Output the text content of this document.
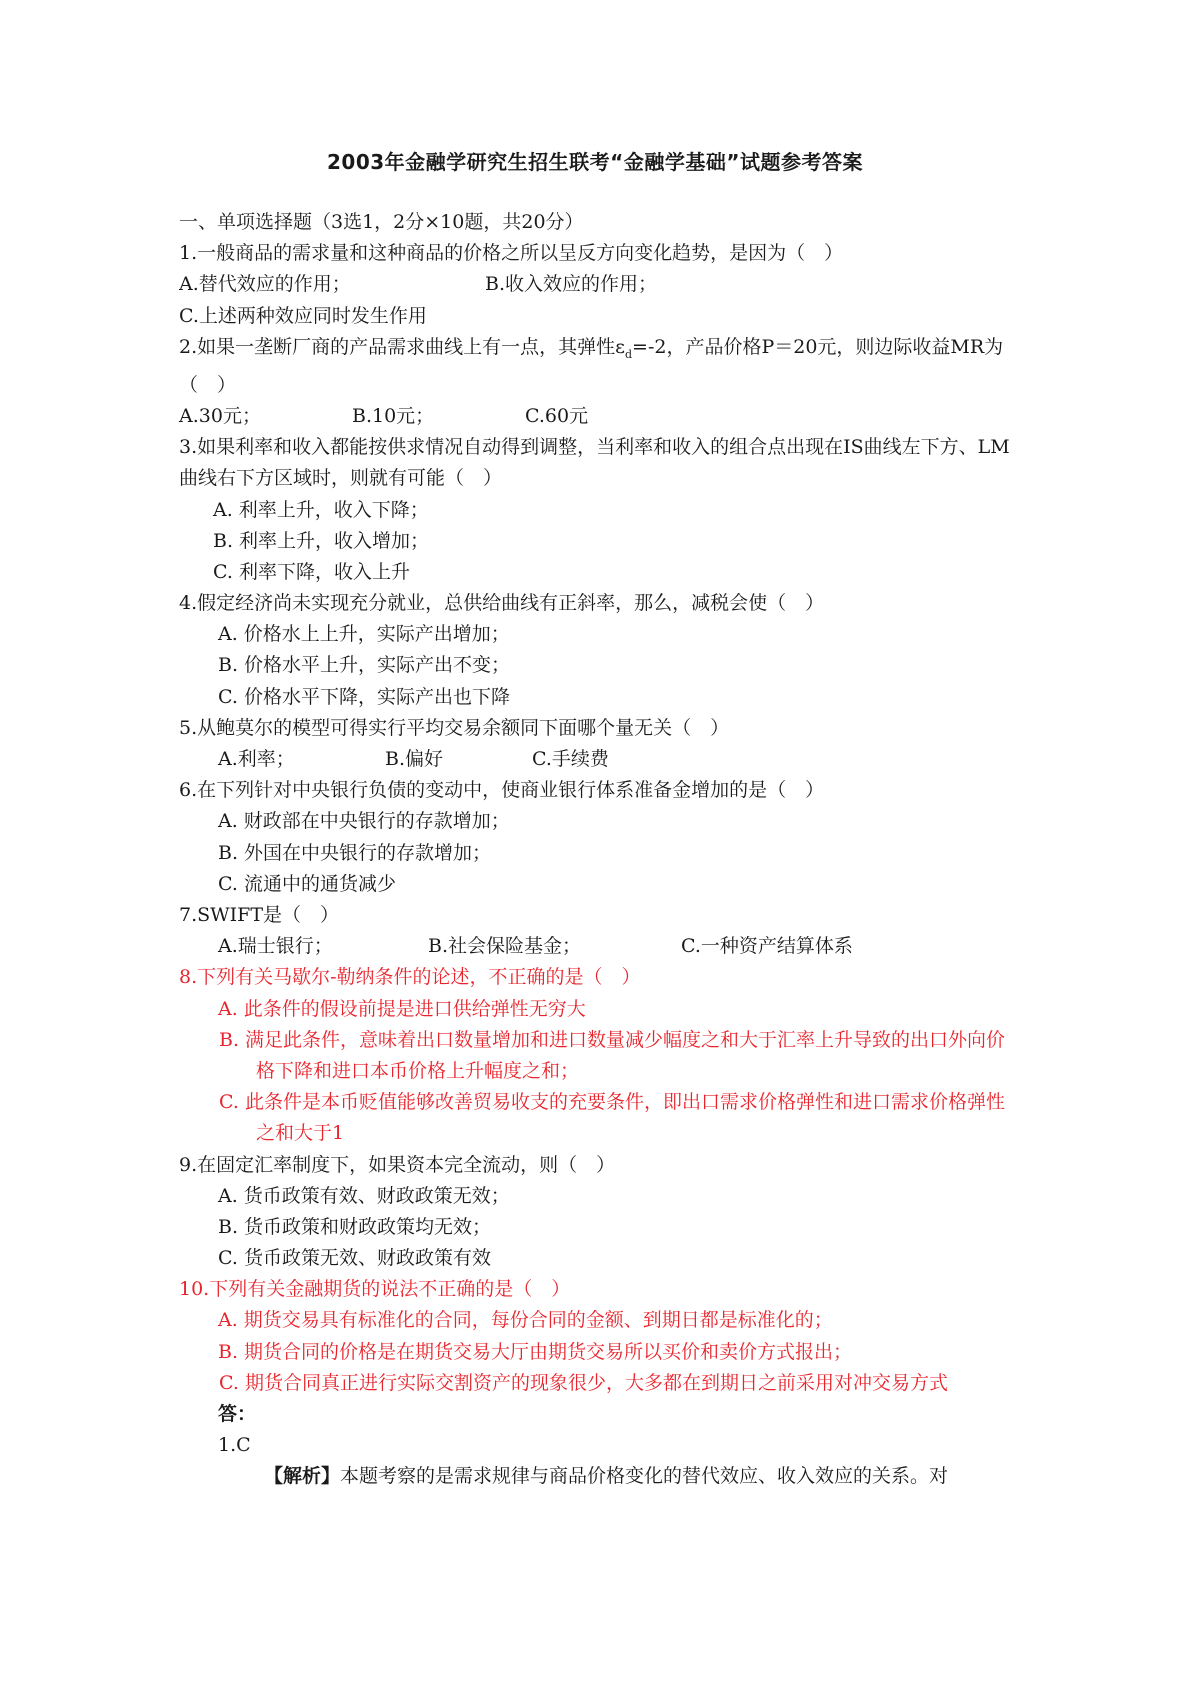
2003年金融学研究生招生联考“金融学基础”试题参考答案
一、单项选择题（3选1，2分×10题，共20分）
1.一般商品的需求量和这种商品的价格之所以呈反方向变化趋势，是因为（　）
A.替代效应的作用；	B.收入效应的作用；
C.上述两种效应同时发生作用
2.如果一垄断厂商的产品需求曲线上有一点，其弹性$\varepsilon_d=-2$，产品价格P＝20元，则边际收益MR为（　）
A.30元；	B.10元；	C.60元
3.如果利率和收入都能按供求情况自动得到调整，当利率和收入的组合点出现在IS曲线左下方、LM曲线右下方区域时，则就有可能（　）
A. 利率上升，收入下降；
B. 利率上升，收入增加；
C. 利率下降，收入上升
4.假定经济尚未实现充分就业，总供给曲线有正斜率，那么，减税会使（　）
A. 价格水上上升，实际产出增加；
B. 价格水平上升，实际产出不变；
C. 价格水平下降，实际产出也下降
5.从鲍莫尔的模型可得实行平均交易余额同下面哪个量无关（　）
A.利率；	B.偏好	C.手续费
6.在下列针对中央银行负债的变动中，使商业银行体系准备金增加的是（　）
A. 财政部在中央银行的存款增加；
B. 外国在中央银行的存款增加；
C. 流通中的通货减少
7.SWIFT是（　）
A.瑞士银行；	B.社会保险基金；	C.一种资产结算体系
8.下列有关马歇尔-勒纳条件的论述，不正确的是（　）
A. 此条件的假设前提是进口供给弹性无穷大
B. 满足此条件，意味着出口数量增加和进口数量减少幅度之和大于汇率上升导致的出口外向价格下降和进口本币价格上升幅度之和；
C. 此条件是本币贬值能够改善贸易收支的充要条件，即出口需求价格弹性和进口需求价格弹性之和大于1
9.在固定汇率制度下，如果资本完全流动，则（　）
A. 货币政策有效、财政政策无效；
B. 货币政策和财政政策均无效；
C. 货币政策无效、财政政策有效
10.下列有关金融期货的说法不正确的是（　）
A. 期货交易具有标准化的合同，每份合同的金额、到期日都是标准化的；
B. 期货合同的价格是在期货交易大厅由期货交易所以买价和卖价方式报出；
C. 期货合同真正进行实际交割资产的现象很少，大多都在到期日之前采用对冲交易方式
答：
1.C
【解析】本题考察的是需求规律与商品价格变化的替代效应、收入效应的关系。对
